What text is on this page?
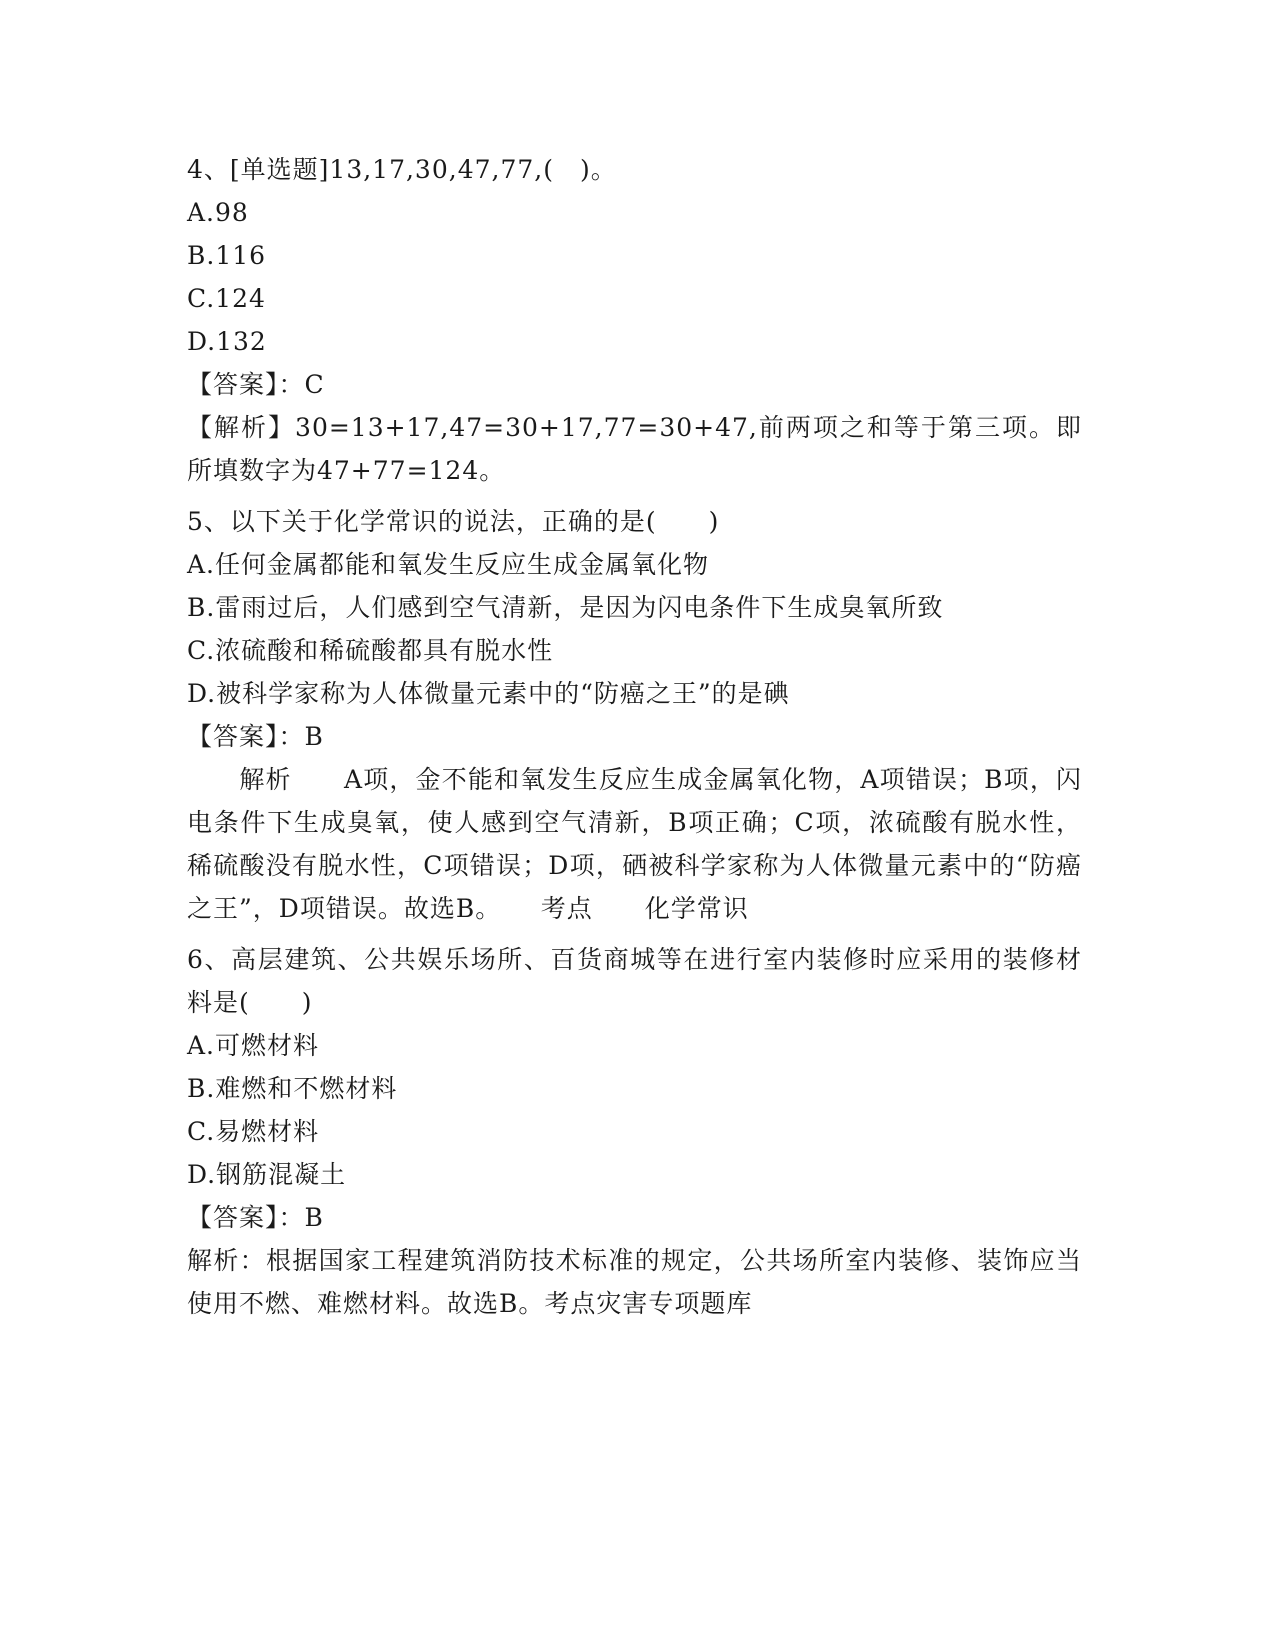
4、[单选题]13,17,30,47,77,(　)。
A.98
B.116
C.124
D.132
【答案】：C
【解析】30=13+17,47=30+17,77=30+47,前两项之和等于第三项。即所填数字为47+77=124。
5、以下关于化学常识的说法，正确的是(　　)
A.任何金属都能和氧发生反应生成金属氧化物
B.雷雨过后，人们感到空气清新，是因为闪电条件下生成臭氧所致
C.浓硫酸和稀硫酸都具有脱水性
D.被科学家称为人体微量元素中的“防癌之王”的是碘
【答案】：B
　　解析　　A项，金不能和氧发生反应生成金属氧化物，A项错误；B项，闪电条件下生成臭氧，使人感到空气清新，B项正确；C项，浓硫酸有脱水性，稀硫酸没有脱水性，C项错误；D项，硒被科学家称为人体微量元素中的“防癌之王”，D项错误。故选B。　　考点　　化学常识
6、高层建筑、公共娱乐场所、百货商城等在进行室内装修时应采用的装修材料是(　　)
A.可燃材料
B.难燃和不燃材料
C.易燃材料
D.钢筋混凝土
【答案】：B
解析：根据国家工程建筑消防技术标准的规定，公共场所室内装修、装饰应当使用不燃、难燃材料。故选B。考点灾害专项题库
